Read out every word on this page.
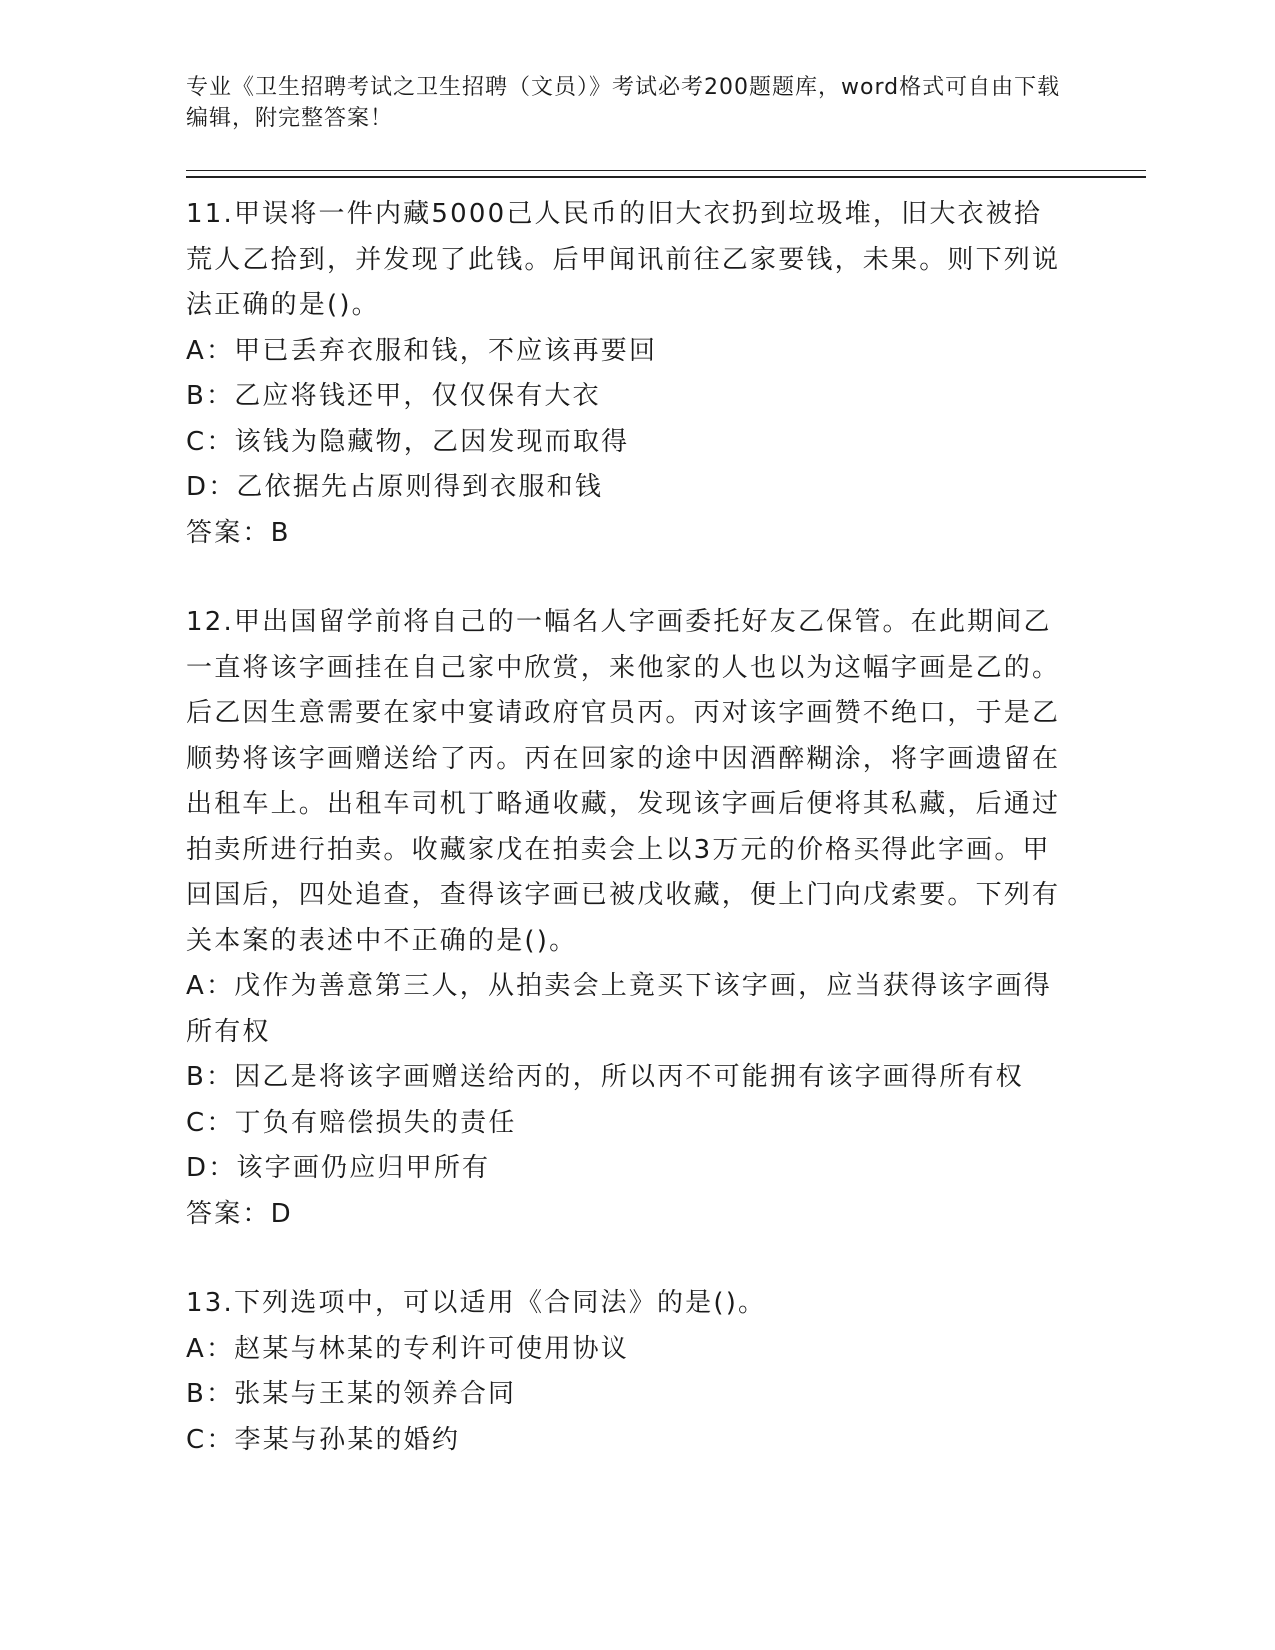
专业《卫生招聘考试之卫生招聘（文员）》考试必考200题题库，word格式可自由下载编辑，附完整答案！

11.甲误将一件内藏5000己人民币的旧大衣扔到垃圾堆，旧大衣被拾荒人乙拾到，并发现了此钱。后甲闻讯前往乙家要钱，未果。则下列说法正确的是()。

A：甲已丢弃衣服和钱，不应该再要回

B：乙应将钱还甲，仅仅保有大衣

C：该钱为隐藏物，乙因发现而取得

D：乙依据先占原则得到衣服和钱

答案：B

12.甲出国留学前将自己的一幅名人字画委托好友乙保管。在此期间乙一直将该字画挂在自己家中欣赏，来他家的人也以为这幅字画是乙的。后乙因生意需要在家中宴请政府官员丙。丙对该字画赞不绝口，于是乙顺势将该字画赠送给了丙。丙在回家的途中因酒醉糊涂，将字画遗留在出租车上。出租车司机丁略通收藏，发现该字画后便将其私藏，后通过拍卖所进行拍卖。收藏家戊在拍卖会上以3万元的价格买得此字画。甲回国后，四处追查，查得该字画已被戊收藏，便上门向戊索要。下列有关本案的表述中不正确的是()。

A：戊作为善意第三人，从拍卖会上竟买下该字画，应当获得该字画得所有权

B：因乙是将该字画赠送给丙的，所以丙不可能拥有该字画得所有权

C：丁负有赔偿损失的责任

D：该字画仍应归甲所有

答案：D

13.下列选项中，可以适用《合同法》的是()。

A：赵某与林某的专利许可使用协议

B：张某与王某的领养合同

C：李某与孙某的婚约
